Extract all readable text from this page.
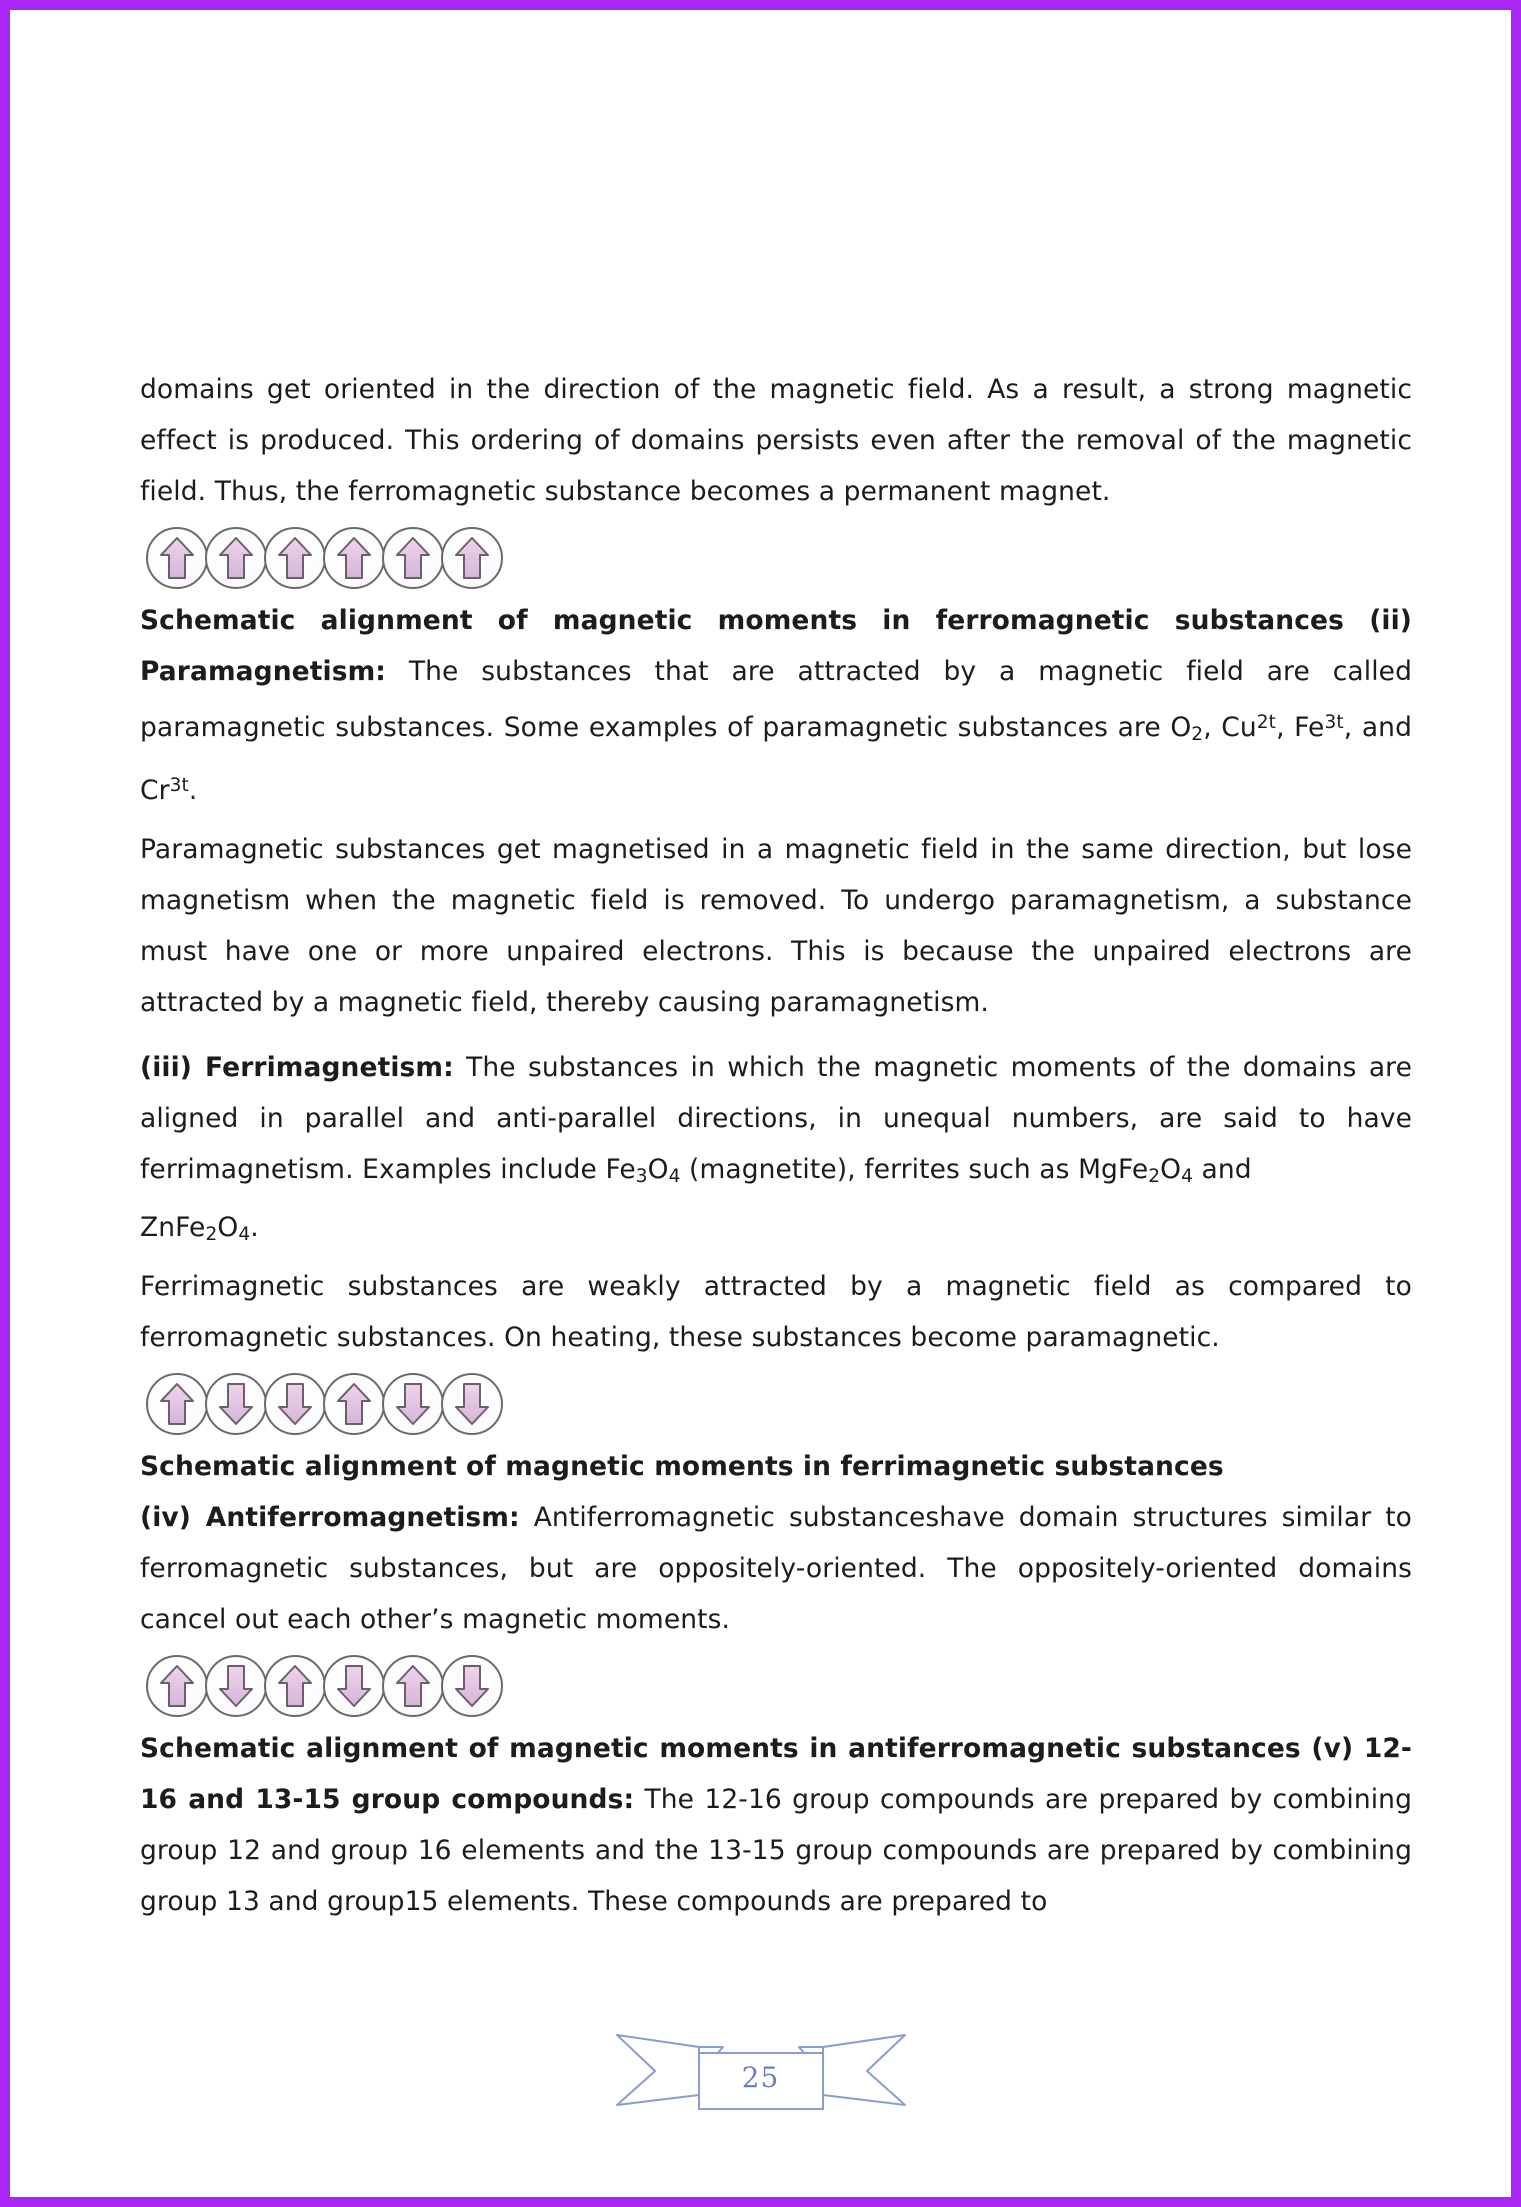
domains get oriented in the direction of the magnetic field. As a result, a strong magnetic effect is produced. This ordering of domains persists even after the removal of the magnetic field. Thus, the ferromagnetic substance becomes a permanent magnet.

Schematic alignment of magnetic moments in ferromagnetic substances (ii) Paramagnetism: The substances that are attracted by a magnetic field are called paramagnetic substances. Some examples of paramagnetic substances are $O_2$, $Cu^{2t}$, $Fe^{3t}$, and $Cr^{3t}$.

Paramagnetic substances get magnetised in a magnetic field in the same direction, but lose magnetism when the magnetic field is removed. To undergo paramagnetism, a substance must have one or more unpaired electrons. This is because the unpaired electrons are attracted by a magnetic field, thereby causing paramagnetism.

(iii) Ferrimagnetism: The substances in which the magnetic moments of the domains are aligned in parallel and anti-parallel directions, in unequal numbers, are said to have ferrimagnetism. Examples include $Fe_3O_4$ (magnetite), ferrites such as $MgFe_2O_4$ and

$ZnFe_2O_4$.

Ferrimagnetic substances are weakly attracted by a magnetic field as compared to ferromagnetic substances. On heating, these substances become paramagnetic.

Schematic alignment of magnetic moments in ferrimagnetic substances

(iv) Antiferromagnetism: Antiferromagnetic substanceshave domain structures similar to ferromagnetic substances, but are oppositely-oriented. The oppositely-oriented domains cancel out each other’s magnetic moments.

Schematic alignment of magnetic moments in antiferromagnetic substances (v) 12-16 and 13-15 group compounds: The 12-16 group compounds are prepared by combining group 12 and group 16 elements and the 13-15 group compounds are prepared by combining group 13 and group15 elements. These compounds are prepared to

25
